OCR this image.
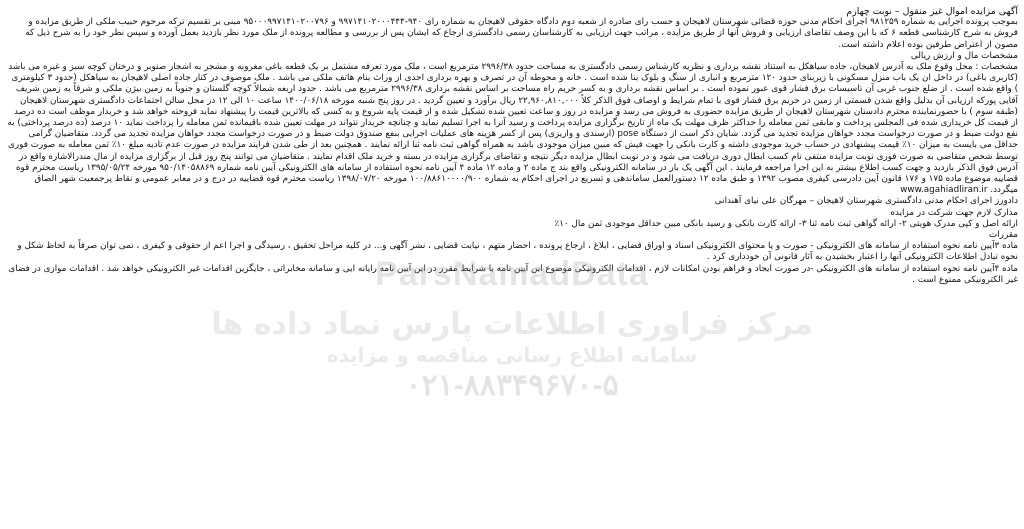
آگهی مزایده اموال غیر منقول – نوبت چهارم

بموجب پرونده اجرایی به شماره ۹۸۱۲۵۹ اجرای احکام مدنی حوزه قضائی شهرستان لاهیجان و حسب رای صادره از شعبه دوم دادگاه حقوقی لاهیجان به شماره رای ۹۴۰-۹۹۷۱۴۱۰۲۰۰۰۴۴۴ و ۹۵۰۰۰۹۹۷۱۴۱۰۲۰۰۷۹۶ مبنی بر تقسیم ترکه مرحوم حبیب ملکی از طریق مزایده و فروش به شرح کارشناسی قطعه ۶ که با این وصف تقاضای ارزیابی و فروش آنها از طریق مزایده ، مراتب جهت ارزیابی به کارشناسان رسمی دادگستری ارجاع که ایشان پس از بررسی و مطالعه پرونده از ملک مورد نظر بازدید بعمل آورده و سپس نظر خود را به شرح ذیل که مصون از اعتراض طرفین بوده اعلام داشته است.

مشخصات مال و ارزش ریالی

مشخصات : محل وقوع ملک به آدرس لاهیجان، جاده سیاهکل به استناد نقشه برداری و نظریه کارشناس رسمی دادگستری به مساحت حدود ۲۹۹۶/۳۸ مترمربع است ، ملک مورد تعرفه مشتمل بر یک قطعه باغی مغروبه و مشجر به اشجار صنوبر و درختان کوچه سبز و غیره می باشد (کاربری باغی) در داخل ان یک باب منزل مسکونی با زیربنای حدود ۱۲۰ مترمربع و انباری از سنگ و بلوک بنا شده است . خانه و محوطه آن در تصرف و بهره برداری احدی از وراث بنام هاتف ملکی می باشد . ملک موصوف در کنار جاده اصلی لاهیجان به سیاهکل (حدود ۳ کیلومتری ) واقع شده است . از ضلع جنوب غربی آن تاسیسات برق فشار قوی عبور نموده است . بر اساس نقشه برداری و به کسر حریم راه مساحت بر اساس نقشه برداری ۲۹۹۶/۳۸ مترمربع می باشد . حدود اربعه شمالاً کوچه گلستان و جنوباً به زمین بیژن ملکی و شرقاً به زمین شریف آقایی پورکه ارزیابی آن بدلیل واقع شدن قسمتی از زمین در حریم برق فشار قوی با تمام شرایط و اوصاف فوق الذکر کلاً ۲۲,۹۶۰,۸۱۰,۰۰۰ ریال برآورد و تعیین گردید . در روز پنج شنبه مورخه ۱۴۰۰/۰۶/۱۸ ساعت ۱۰ الی ۱۲ در محل سالن اجتماعات دادگستری شهرستان لاهیجان (طبقه سوم ) با حضورنماینده محترم دادستان شهرستان لاهیجان از طریق مزایده حضوری به فروش می رسد و مزایده در روز و ساعت تعیین شده تشکیل شده و از قیمت پایه شروع و به کسی که بالاترین قیمت را پیشنهاد نماید فروخته خواهد شد و خریدار موظف است ده درصد از قیمت کل خریداری شده فی المجلس پرداخت و مابقی ثمن معامله را حداکثر ظرف مهلت یک ماه از تاریخ برگزاری مزایده پرداخت و رسید آنرا به اجرا تسلیم نماید و چنانچه خریدار نتواند در مهلت تعیین شده باقیمانده ثمن معامله را پرداخت نماید ۱۰ درصد (ده درصد پرداختی) به نفع دولت ضبط و در صورت درخواست مجدد خواهان مزایده تجدید می گردد. شایان ذکر است از دستگاه pose (ارسندی و واریزی) پس از کسر هزینه های عملیات اجرایی بنفع صندوق دولت ضبط و در صورت درخواست مجدد خواهان مزایده تجدید می گردد. متقاضیان گرامی حداقل می بایست به میزان ۱۰٪ قیمت پیشنهادی در حساب خرید موجودی داشته و کارت بانکی را جهت فیش که مبین میزان موجودی باشد به همراه گواهی ثبت نامه ثنا ارائه نمایند . همچنین بعد از طی شدن فرایند مزایده در صورت عدم تادیه مبلغ ۱۰٪ ثمن معامله به صورت فوری توسط شخص متقاضی به صورت فوری نوبت مزایده منتفی نام کسب ابطال دوری دریافت می شود و در نوبت ابطال مزایده دیگر نتیجه و تقاضای برگزاری مزایده در بسته و خرید ملک اقدام نمایند . متقاضیان می توانند پنج روز قبل از برگزاری مزایده از مال مندرالاشاره واقع در آدرس فوق الذکر بازدید و جهت کسب اطلاع بیشتر به این اجرا مراجعه فرمایند . این آگهی یک بار در سامانه الکترونیکی واقع بند ج ماده ۲ و ماده ۱۲ ماده ۴ آیین نامه نحوه استفاده از سامانه های الکترونیکی آیین نامه شماره ۹۵۰/۱۴۰۵۸۸۶۹ مورخه ۱۳۹۵/۰۵/۲۴ ریاست محترم قوه قضاییه موضوع ماده ۱۷۵ و ۱۷۶ قانون آیین دادرسی کیفری مصوب ۱۳۹۲ و طبق ماده ۱۲ دستورالعمل ساماندهی و تسریع در اجرای احکام به شماره ۱۰۰/۸۸۶۱۰۰۰۰/۹۰۰ مورخه ۱۳۹۸/۰۷/۲۰ ریاست محترم قوه قضاییه در درج و در معابر عمومی و نقاط پرجمعیت شهر الصاق میگردد. www.agahiadliran.ir

دادورز اجرای احکام مدنی دادگستری شهرستان لاهیجان – مهرگان علی نیای آهندانی

مدارک لازم جهت شرکت در مزایده

ارائه اصل و کپی مدرک هویتی ۲- ارائه گواهی ثبت نامه ثنا ۳- ارائه کارت بانکی و رسید بانکی مبین حداقل موجودی ثمن مال ۱۰٪

مقررات

ماده ۳آیین نامه نحوه استفاده از سامانه های الکترونیکی - صورت و یا محتوای الکترونیکی اسناد و اوراق قضایی ، ابلاغ ، ارجاع پرونده ، احضار متهم ، نیابت قضایی ، نشر آگهی و... در کلیه مراحل تحقیق ، رسیدگی و اجرا اعم از حقوقی و کیفری ، نمی توان صرفاً به لحاظ شکل و نحوه تبادل اطلاعات الکترونیکی آنها را اعتبار بخشیدن به آثار قانونی آن خودداری کرد .

ماده ۴آیین نامه نحوه استفاده از سامانه های الکترونیکی -در صورت ایجاد و فراهم بودن امکانات لازم ، اقدامات الکترونیکی موضوع این آیین نامه با شرایط مقرر در این آیین نامه رایانه ایی و سامانه مخابراتی ، جایگزین اقدامات غیر الکترونیکی خواهد شد . اقدامات موازی در فضای غیر الکترونیکی ممنوع است .

ParsNamadData
مرکز فراوری اطلاعات پارس نماد داده ها
سامانه اطلاع رسانی مناقصه و مزایده
۰۲۱-۸۸۳۴۹۶۷۰-۵
